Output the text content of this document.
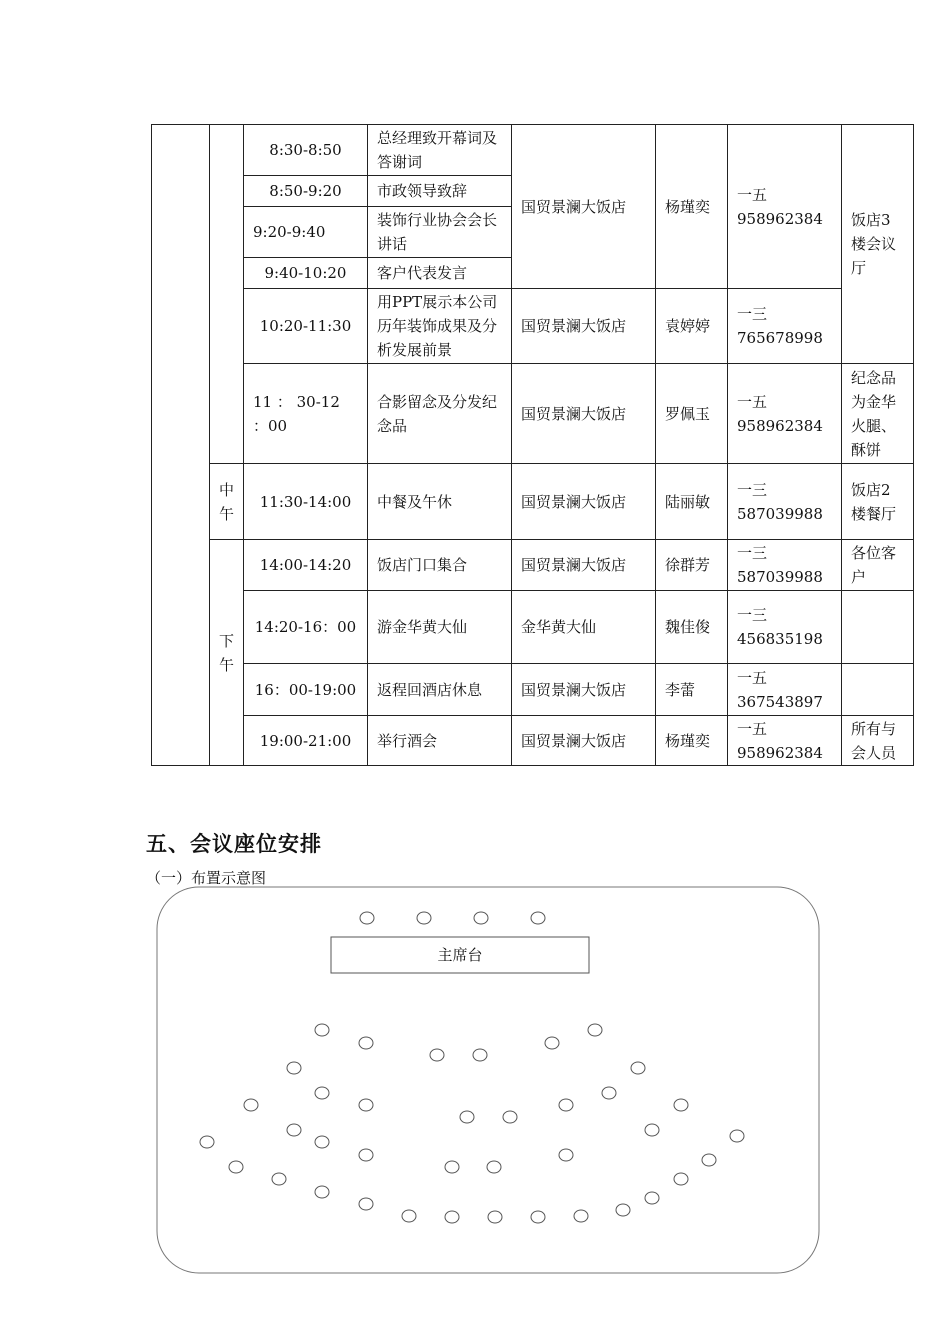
		8:30-8:50	总经理致开幕词及答谢词	国贸景澜大饭店	杨瑾奕	一五958962384	饭店3楼会议厅
		8:50-9:20	市政领导致辞				
		9:20-9:40	装饰行业协会会长讲话				
		9:40-10:20	客户代表发言				
		10:20-11:30	用PPT展示本公司历年装饰成果及分析发展前景	国贸景澜大饭店	袁婷婷	一三765678998	
		11 ： 30-12 ：00	合影留念及分发纪念品	国贸景澜大饭店	罗佩玉	一五958962384	纪念品为金华火腿、酥饼
	中午	11:30-14:00	中餐及午休	国贸景澜大饭店	陆丽敏	一三587039988	饭店2楼餐厅
	下午	14:00-14:20	饭店门口集合	国贸景澜大饭店	徐群芳	一三587039988	各位客户
		14:20-16：00	游金华黄大仙	金华黄大仙	魏佳俊	一三456835198	
		16：00-19:00	返程回酒店休息	国贸景澜大饭店	李蕾	一五367543897	
		19:00-21:00	举行酒会	国贸景澜大饭店	杨瑾奕	一五958962384	所有与会人员
五、会议座位安排
（一）布置示意图
主席台
